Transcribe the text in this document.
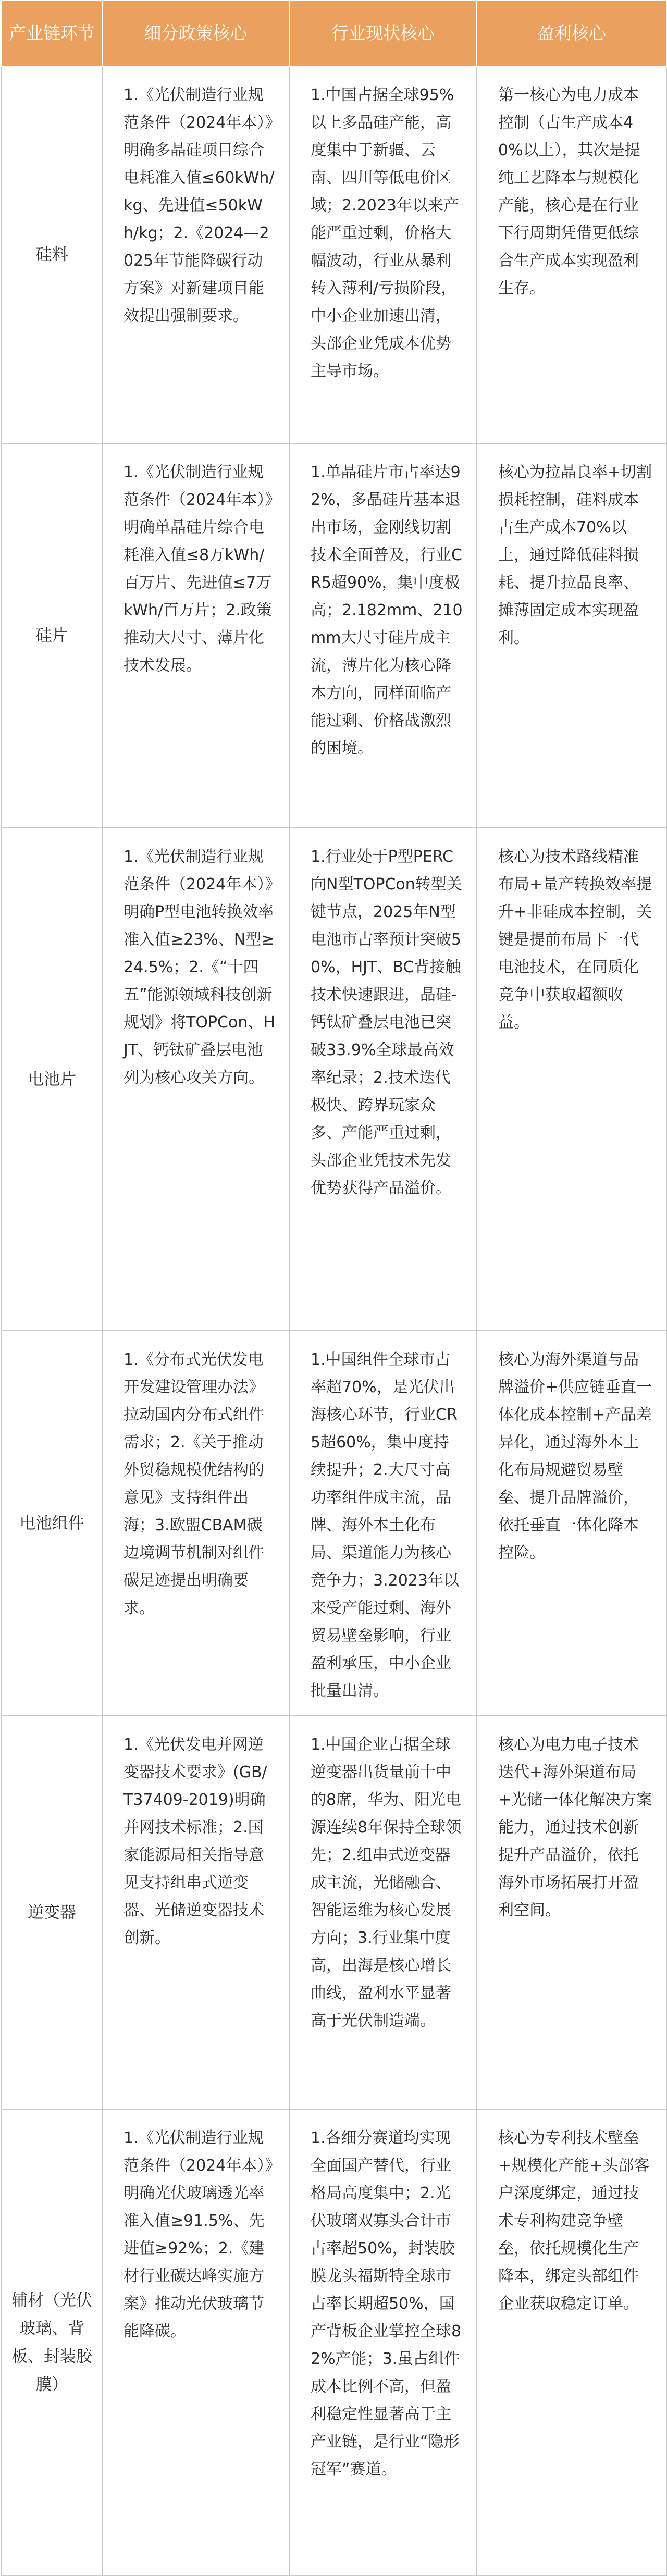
产业链环节	细分政策核心	行业现状核心	盈利核心
硅料	1.《光伏制造行业规范条件（2024年本）》明确多晶硅项目综合电耗准入值≤60kWh/kg、先进值≤50kWh/kg；2.《2024—2025年节能降碳行动方案》对新建项目能效提出强制要求。	1.中国占据全球95%以上多晶硅产能，高度集中于新疆、云南、四川等低电价区域；2.2023年以来产能严重过剩，价格大幅波动，行业从暴利转入薄利/亏损阶段，中小企业加速出清，头部企业凭成本优势主导市场。	第一核心为电力成本控制（占生产成本40%以上），其次是提纯工艺降本与规模化产能，核心是在行业下行周期凭借更低综合生产成本实现盈利生存。
硅片	1.《光伏制造行业规范条件（2024年本）》明确单晶硅片综合电耗准入值≤8万kWh/百万片、先进值≤7万kWh/百万片；2.政策推动大尺寸、薄片化技术发展。	1.单晶硅片市占率达92%，多晶硅片基本退出市场，金刚线切割技术全面普及，行业CR5超90%，集中度极高；2.182mm、210mm大尺寸硅片成主流，薄片化为核心降本方向，同样面临产能过剩、价格战激烈的困境。	核心为拉晶良率+切割损耗控制，硅料成本占生产成本70%以上，通过降低硅料损耗、提升拉晶良率、摊薄固定成本实现盈利。
电池片	1.《光伏制造行业规范条件（2024年本）》明确P型电池转换效率准入值≥23%、N型≥24.5%；2.《“十四五”能源领域科技创新规划》将TOPCon、HJT、钙钛矿叠层电池列为核心攻关方向。	1.行业处于P型PERC向N型TOPCon转型关键节点，2025年N型电池市占率预计突破50%，HJT、BC背接触技术快速跟进，晶硅-钙钛矿叠层电池已突破33.9%全球最高效率纪录；2.技术迭代极快、跨界玩家众多、产能严重过剩，头部企业凭技术先发优势获得产品溢价。	核心为技术路线精准布局+量产转换效率提升+非硅成本控制，关键是提前布局下一代电池技术，在同质化竞争中获取超额收益。
电池组件	1.《分布式光伏发电开发建设管理办法》拉动国内分布式组件需求；2.《关于推动外贸稳规模优结构的意见》支持组件出海；3.欧盟CBAM碳边境调节机制对组件碳足迹提出明确要求。	1.中国组件全球市占率超70%，是光伏出海核心环节，行业CR5超60%，集中度持续提升；2.大尺寸高功率组件成主流，品牌、海外本土化布局、渠道能力为核心竞争力；3.2023年以来受产能过剩、海外贸易壁垒影响，行业盈利承压，中小企业批量出清。	核心为海外渠道与品牌溢价+供应链垂直一体化成本控制+产品差异化，通过海外本土化布局规避贸易壁垒、提升品牌溢价，依托垂直一体化降本控险。
逆变器	1.《光伏发电并网逆变器技术要求》(GB/T37409-2019)明确并网技术标准；2.国家能源局相关指导意见支持组串式逆变器、光储逆变器技术创新。	1.中国企业占据全球逆变器出货量前十中的8席，华为、阳光电源连续8年保持全球领先；2.组串式逆变器成主流，光储融合、智能运维为核心发展方向；3.行业集中度高，出海是核心增长曲线，盈利水平显著高于光伏制造端。	核心为电力电子技术迭代+海外渠道布局+光储一体化解决方案能力，通过技术创新提升产品溢价，依托海外市场拓展打开盈利空间。
辅材（光伏玻璃、背板、封装胶膜）	1.《光伏制造行业规范条件（2024年本）》明确光伏玻璃透光率准入值≥91.5%、先进值≥92%；2.《建材行业碳达峰实施方案》推动光伏玻璃节能降碳。	1.各细分赛道均实现全面国产替代，行业格局高度集中；2.光伏玻璃双寡头合计市占率超50%，封装胶膜龙头福斯特全球市占率长期超50%，国产背板企业掌控全球82%产能；3.虽占组件成本比例不高，但盈利稳定性显著高于主产业链，是行业“隐形冠军”赛道。	核心为专利技术壁垒+规模化产能+头部客户深度绑定，通过技术专利构建竞争壁垒，依托规模化生产降本，绑定头部组件企业获取稳定订单。
